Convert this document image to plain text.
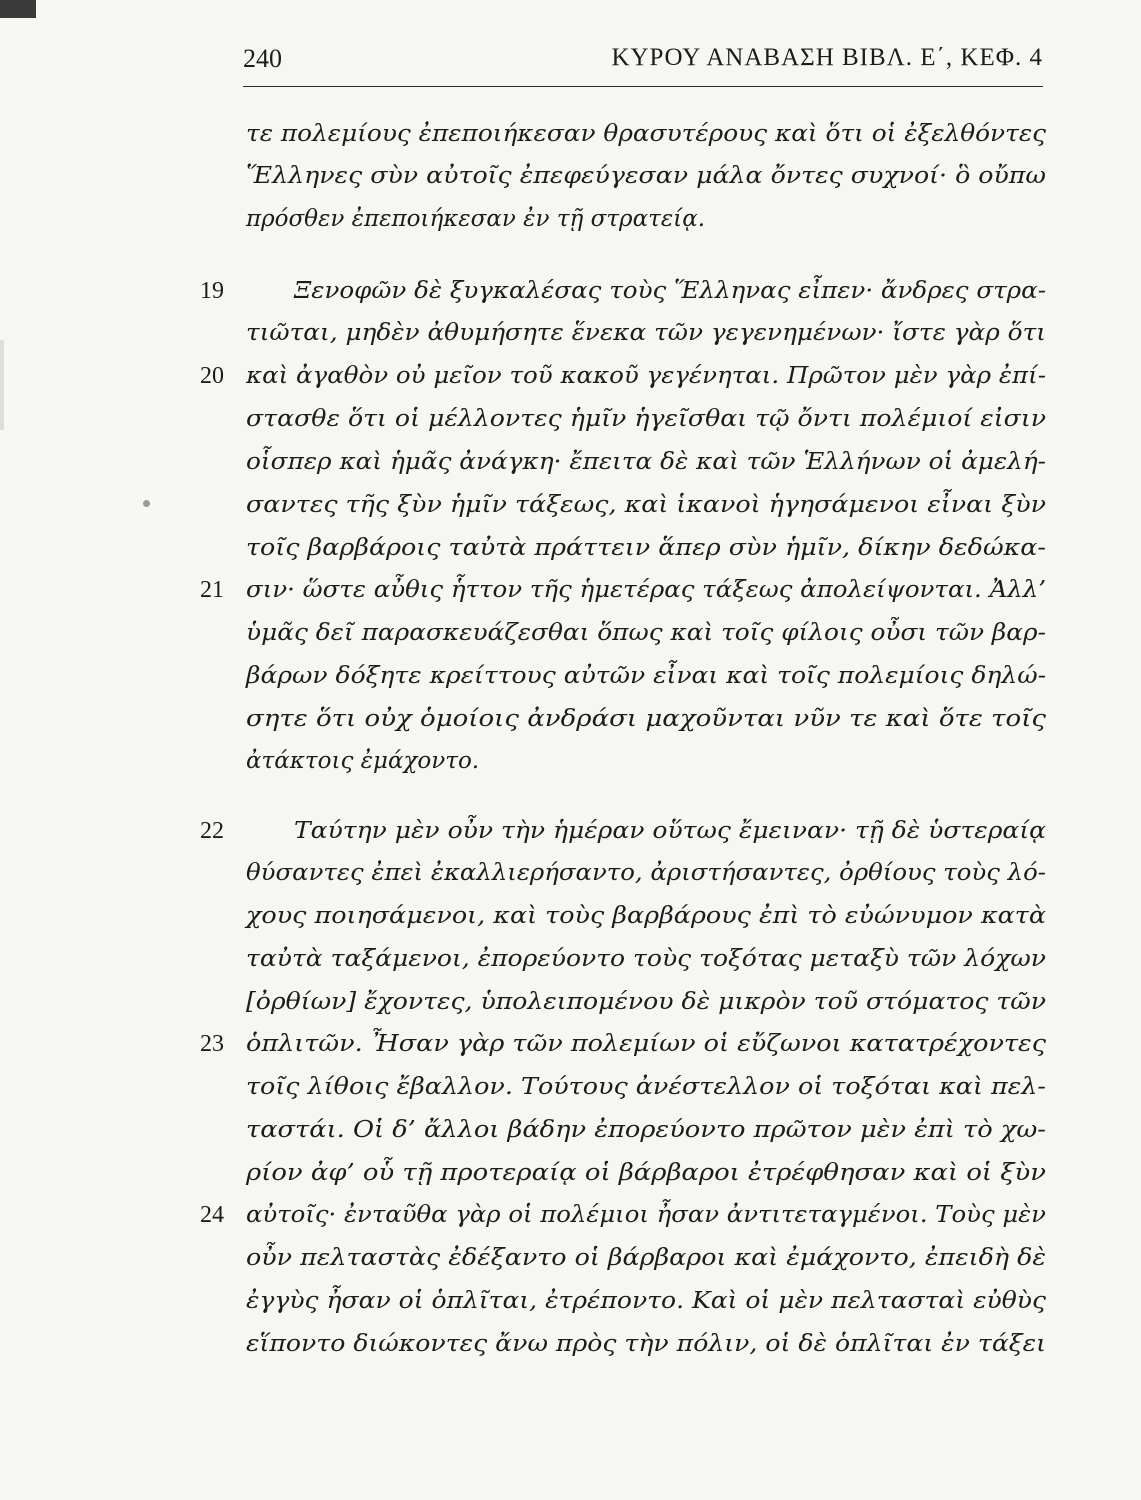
240	ΚΥΡΟΥ ΑΝΑΒΑΣΗ ΒΙΒΛ. Ε΄, ΚΕΦ. 4

τε πολεμίους ἐπεποιήκεσαν θρασυτέρους καὶ ὅτι οἱ ἐξελθόντες

Ἕλληνες σὺν αὐτοῖς ἐπεφεύγεσαν μάλα ὄντες συχνοί· ὃ οὔπω

πρόσθεν ἐπεποιήκεσαν ἐν τῇ στρατείᾳ.

19	Ξενοφῶν δὲ ξυγκαλέσας τοὺς Ἕλληνας εἶπεν· ἄνδρες στρα-

τιῶται, μηδὲν ἀθυμήσητε ἕνεκα τῶν γεγενημένων· ἴστε γὰρ ὅτι

20 καὶ ἀγαθὸν οὐ μεῖον τοῦ κακοῦ γεγένηται. Πρῶτον μὲν γὰρ ἐπί-

στασθε ὅτι οἱ μέλλοντες ἡμῖν ἡγεῖσθαι τῷ ὄντι πολέμιοί εἰσιν

οἷσπερ καὶ ἡμᾶς ἀνάγκη· ἔπειτα δὲ καὶ τῶν Ἑλλήνων οἱ ἀμελή-

σαντες τῆς ξὺν ἡμῖν τάξεως, καὶ ἱκανοὶ ἡγησάμενοι εἶναι ξὺν

τοῖς βαρβάροις ταὐτὰ πράττειν ἅπερ σὺν ἡμῖν, δίκην δεδώκα-

21 σιν· ὥστε αὖθις ἧττον τῆς ἡμετέρας τάξεως ἀπολείψονται. Ἀλλ’

ὑμᾶς δεῖ παρασκευάζεσθαι ὅπως καὶ τοῖς φίλοις οὖσι τῶν βαρ-

βάρων δόξητε κρείττους αὐτῶν εἶναι καὶ τοῖς πολεμίοις δηλώ-

σητε ὅτι οὐχ ὁμοίοις ἀνδράσι μαχοῦνται νῦν τε καὶ ὅτε τοῖς

ἀτάκτοις ἐμάχοντο.

22	Ταύτην μὲν οὖν τὴν ἡμέραν οὕτως ἔμειναν· τῇ δὲ ὑστεραίᾳ

θύσαντες ἐπεὶ ἐκαλλιερήσαντο, ἀριστήσαντες, ὀρθίους τοὺς λό-

χους ποιησάμενοι, καὶ τοὺς βαρβάρους ἐπὶ τὸ εὐώνυμον κατὰ

ταὐτὰ ταξάμενοι, ἐπορεύοντο τοὺς τοξότας μεταξὺ τῶν λόχων

[ὀρθίων] ἔχοντες, ὑπολειπομένου δὲ μικρὸν τοῦ στόματος τῶν

23 ὁπλιτῶν. Ἦσαν γὰρ τῶν πολεμίων οἱ εὔζωνοι κατατρέχοντες

τοῖς λίθοις ἔβαλλον. Τούτους ἀνέστελλον οἱ τοξόται καὶ πελ-

ταστάι. Οἱ δ’ ἄλλοι βάδην ἐπορεύοντο πρῶτον μὲν ἐπὶ τὸ χω-

ρίον ἀφ’ οὗ τῇ προτεραίᾳ οἱ βάρβαροι ἐτρέφθησαν καὶ οἱ ξὺν

24 αὐτοῖς· ἐνταῦθα γὰρ οἱ πολέμιοι ἦσαν ἀντιτεταγμένοι. Τοὺς μὲν

οὖν πελταστὰς ἐδέξαντο οἱ βάρβαροι καὶ ἐμάχοντο, ἐπειδὴ δὲ

ἐγγὺς ἦσαν οἱ ὁπλῖται, ἐτρέποντο. Καὶ οἱ μὲν πελτασταὶ εὐθὺς

εἵποντο διώκοντες ἄνω πρὸς τὴν πόλιν, οἱ δὲ ὁπλῖται ἐν τάξει
